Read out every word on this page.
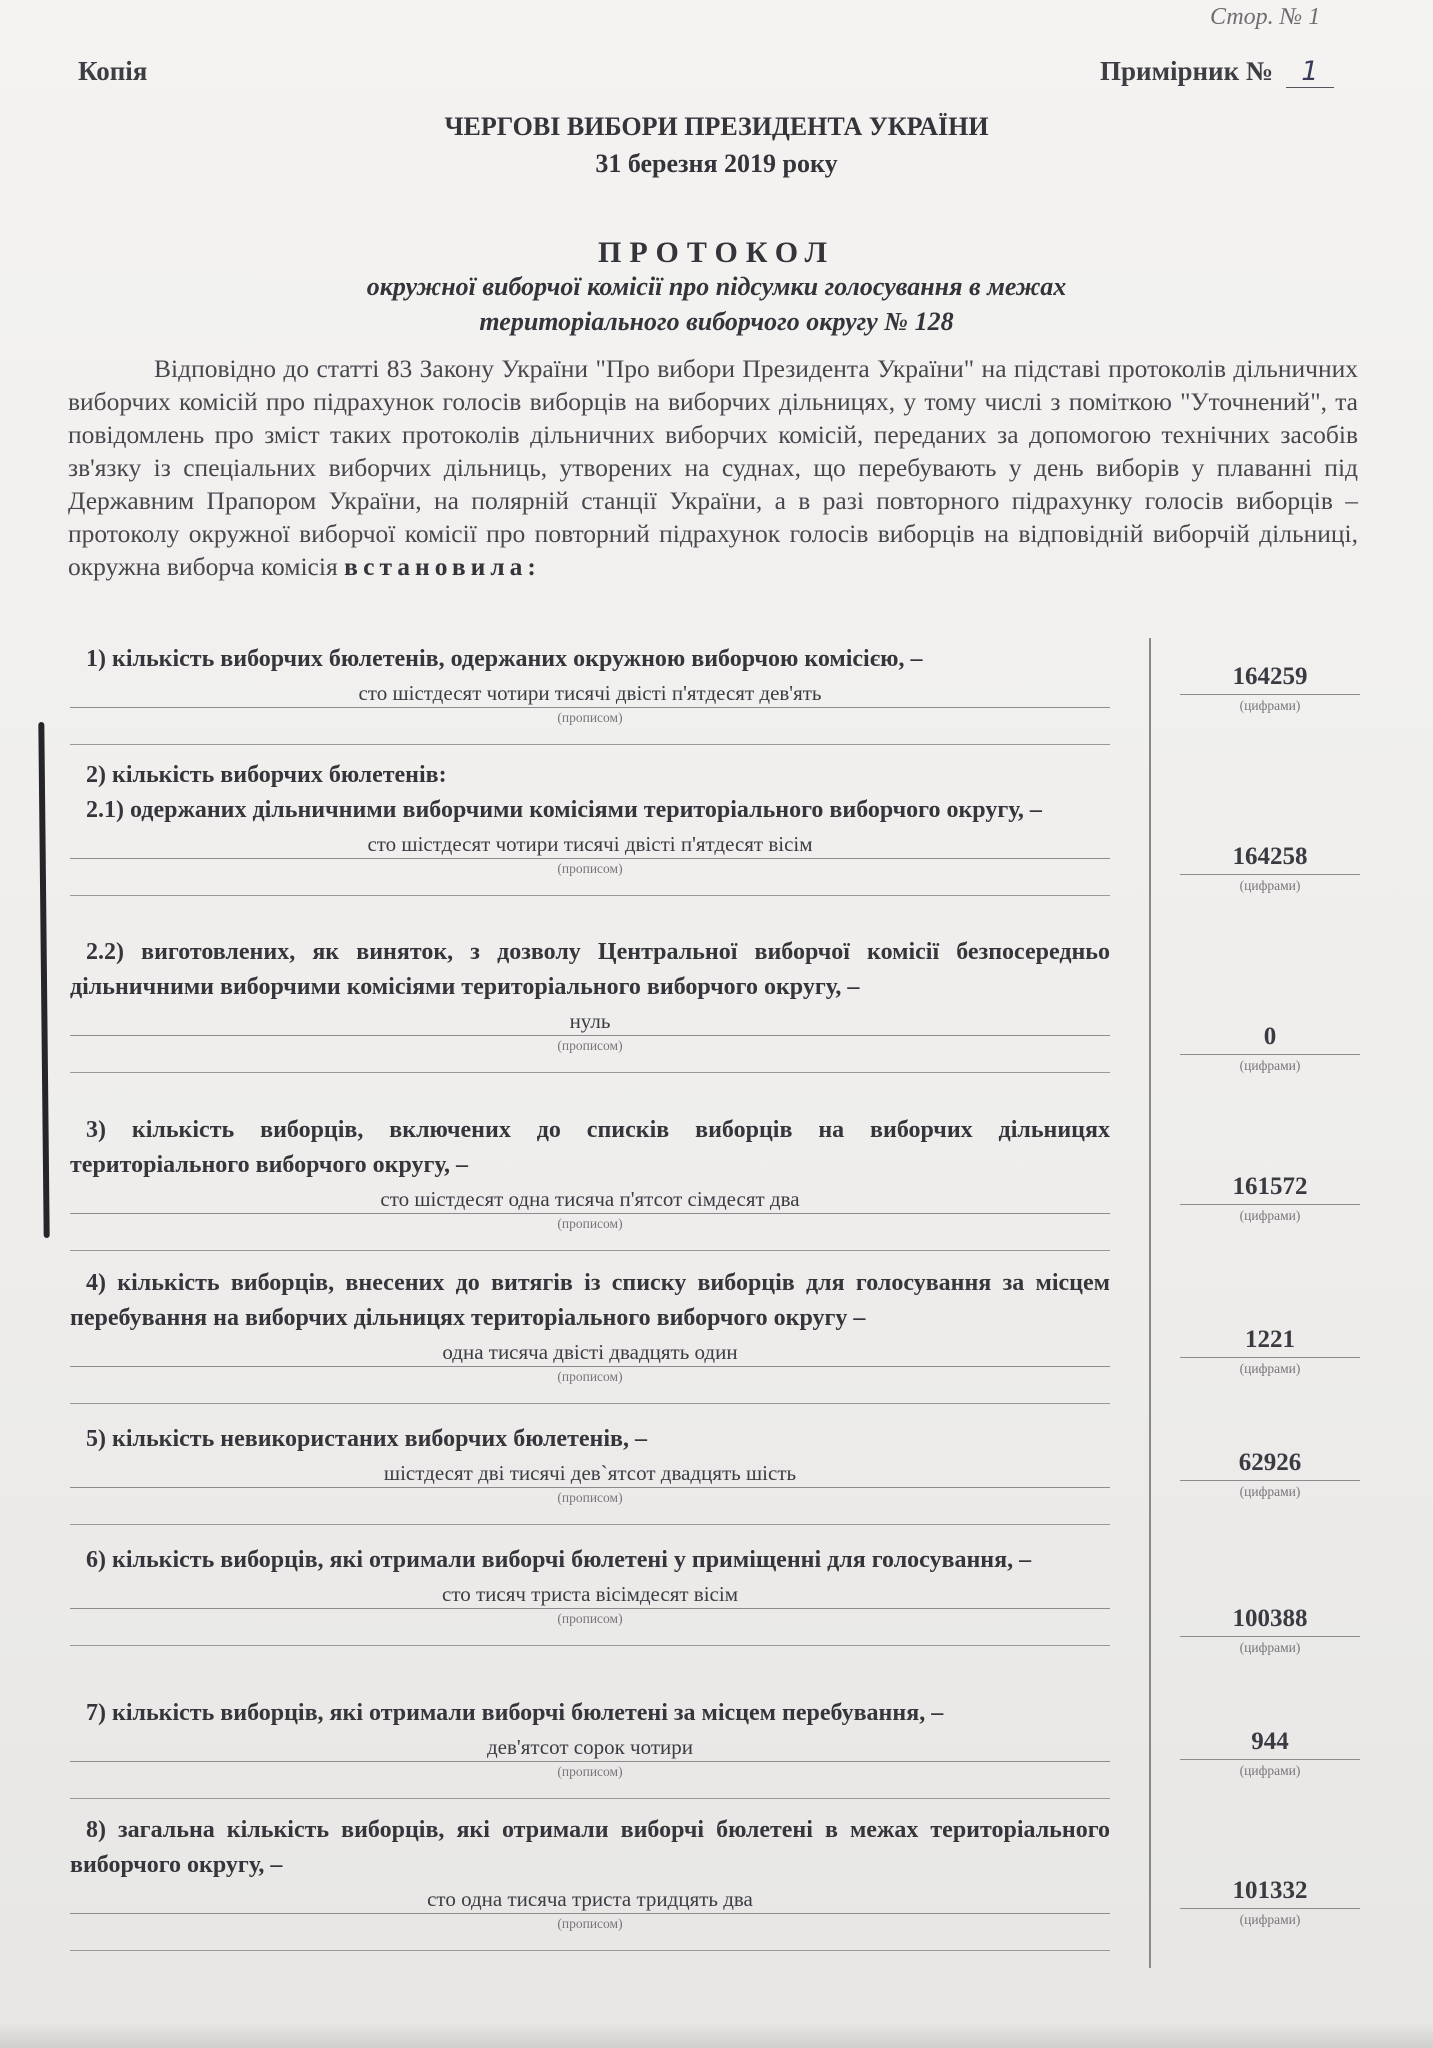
Стор. № 1
Копія	Примірник № 1
ЧЕРГОВІ ВИБОРИ ПРЕЗИДЕНТА УКРАЇНИ
31 березня 2019 року
ПРОТОКОЛ
окружної виборчої комісії про підсумки голосування в межах
територіального виборчого округу № 128
Відповідно до статті 83 Закону України "Про вибори Президента України" на підставі протоколів дільничних виборчих комісій про підрахунок голосів виборців на виборчих дільницях, у тому числі з поміткою "Уточнений", та повідомлень про зміст таких протоколів дільничних виборчих комісій, переданих за допомогою технічних засобів зв'язку із спеціальних виборчих дільниць, утворених на суднах, що перебувають у день виборів у плаванні під Державним Прапором України, на полярній станції України, а в разі повторного підрахунку голосів виборців – протоколу окружної виборчої комісії про повторний підрахунок голосів виборців на відповідній виборчій дільниці, окружна виборча комісія встановила:
1) кількість виборчих бюлетенів, одержаних окружною виборчою комісією, –
сто шістдесят чотири тисячі двісті п'ятдесят дев'ять
(прописом)
164259
(цифрами)
2) кількість виборчих бюлетенів:
2.1) одержаних дільничними виборчими комісіями територіального виборчого округу, –
сто шістдесят чотири тисячі двісті п'ятдесят вісім
(прописом)	164258
(цифрами)
2.2) виготовлених, як виняток, з дозволу Центральної виборчої комісії безпосередньо дільничними виборчими комісіями територіального виборчого округу, –
нуль
(прописом)	0
(цифрами)
3) кількість виборців, включених до списків виборців на виборчих дільницях територіального виборчого округу, –
сто шістдесят одна тисяча п'ятсот сімдесят два
(прописом)
161572
(цифрами)
4) кількість виборців, внесених до витягів із списку виборців для голосування за місцем перебування на виборчих дільницях територіального виборчого округу –
одна тисяча двісті двадцять один
(прописом)
1221
(цифрами)
5) кількість невикористаних виборчих бюлетенів, –
шістдесят дві тисячі дев`ятсот двадцять шість
(прописом)
62926
(цифрами)
6) кількість виборців, які отримали виборчі бюлетені у приміщенні для голосування, –
сто тисяч триста вісімдесят вісім
(прописом)	100388
(цифрами)
7) кількість виборців, які отримали виборчі бюлетені за місцем перебування, –
дев'ятсот сорок чотири
(прописом)
944
(цифрами)
8) загальна кількість виборців, які отримали виборчі бюлетені в межах територіального виборчого округу, –
сто одна тисяча триста тридцять два
(прописом)
101332
(цифрами)
